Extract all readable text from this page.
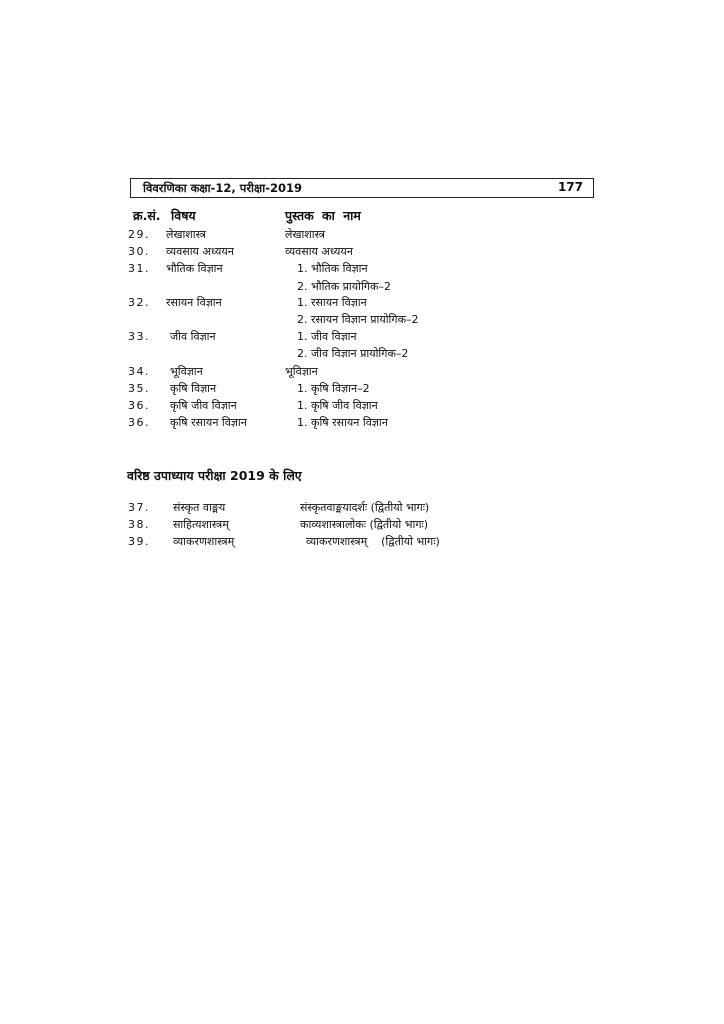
विवरणिका कक्षा-12, परीक्षा-2019	177
क्र.सं. विषय	पुस्तक का नाम
29. लेखाशास्त्र	लेखाशास्त्र
30. व्यवसाय अध्ययन	व्यवसाय अध्ययन
31. भौतिक विज्ञान	1. भौतिक विज्ञान
2. भौतिक प्रायोगिक–2
32. रसायन विज्ञान	1. रसायन विज्ञान
2. रसायन विज्ञान प्रायोगिक–2
33. जीव विज्ञान	1. जीव विज्ञान
2. जीव विज्ञान प्रायोगिक–2
34. भूविज्ञान	भूविज्ञान
35. कृषि विज्ञान	1. कृषि विज्ञान–2
36. कृषि जीव विज्ञान	1. कृषि जीव विज्ञान
36. कृषि रसायन विज्ञान	1. कृषि रसायन विज्ञान
वरिष्ठ उपाध्याय परीक्षा 2019 के लिए
37. संस्कृत वाङ्मय	संस्कृतवाङ्मयादर्शः (द्वितीयो भागः)
38. साहित्यशास्त्रम्	काव्यशास्त्रालोकः (द्वितीयो भागः)
39. व्याकरणशास्त्रम्	व्याकरणशास्त्रम्    (द्वितीयो भागः)
